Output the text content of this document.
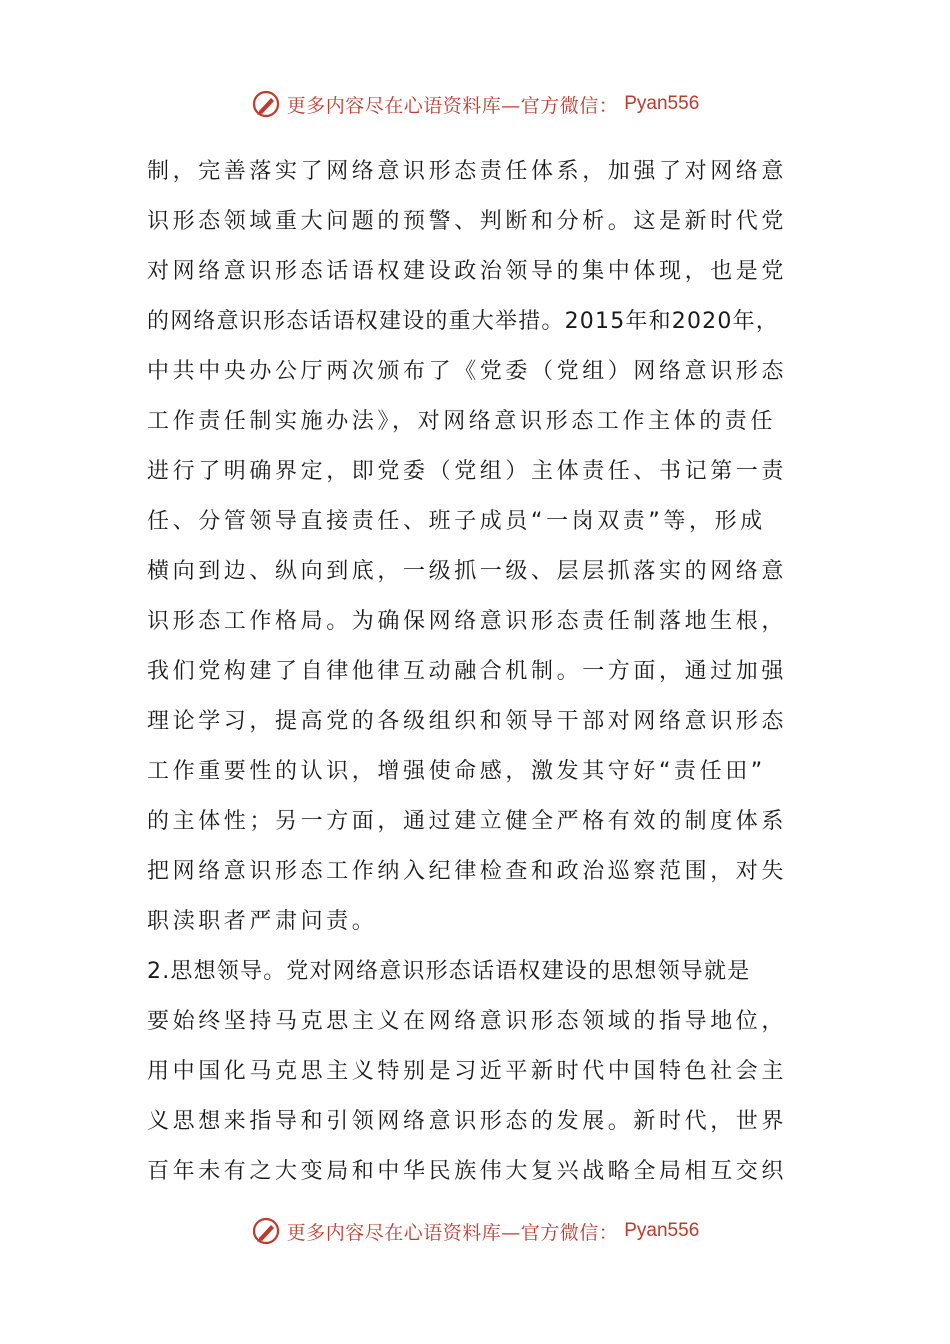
更多内容尽在心语资料库—官方微信： Pyan556
制，完善落实了网络意识形态责任体系，加强了对网络意
识形态领域重大问题的预警、判断和分析。这是新时代党
对网络意识形态话语权建设政治领导的集中体现，也是党
的网络意识形态话语权建设的重大举措。2015年和2020年，
中共中央办公厅两次颁布了《党委（党组）网络意识形态
工作责任制实施办法》，对网络意识形态工作主体的责任
进行了明确界定，即党委（党组）主体责任、书记第一责
任、分管领导直接责任、班子成员“一岗双责”等，形成
横向到边、纵向到底，一级抓一级、层层抓落实的网络意
识形态工作格局。为确保网络意识形态责任制落地生根，
我们党构建了自律他律互动融合机制。一方面，通过加强
理论学习，提高党的各级组织和领导干部对网络意识形态
工作重要性的认识，增强使命感，激发其守好“责任田”
的主体性；另一方面，通过建立健全严格有效的制度体系
把网络意识形态工作纳入纪律检查和政治巡察范围，对失
职渎职者严肃问责。
2.思想领导。党对网络意识形态话语权建设的思想领导就是
要始终坚持马克思主义在网络意识形态领域的指导地位，
用中国化马克思主义特别是习近平新时代中国特色社会主
义思想来指导和引领网络意识形态的发展。新时代，世界
百年未有之大变局和中华民族伟大复兴战略全局相互交织
更多内容尽在心语资料库—官方微信： Pyan556
